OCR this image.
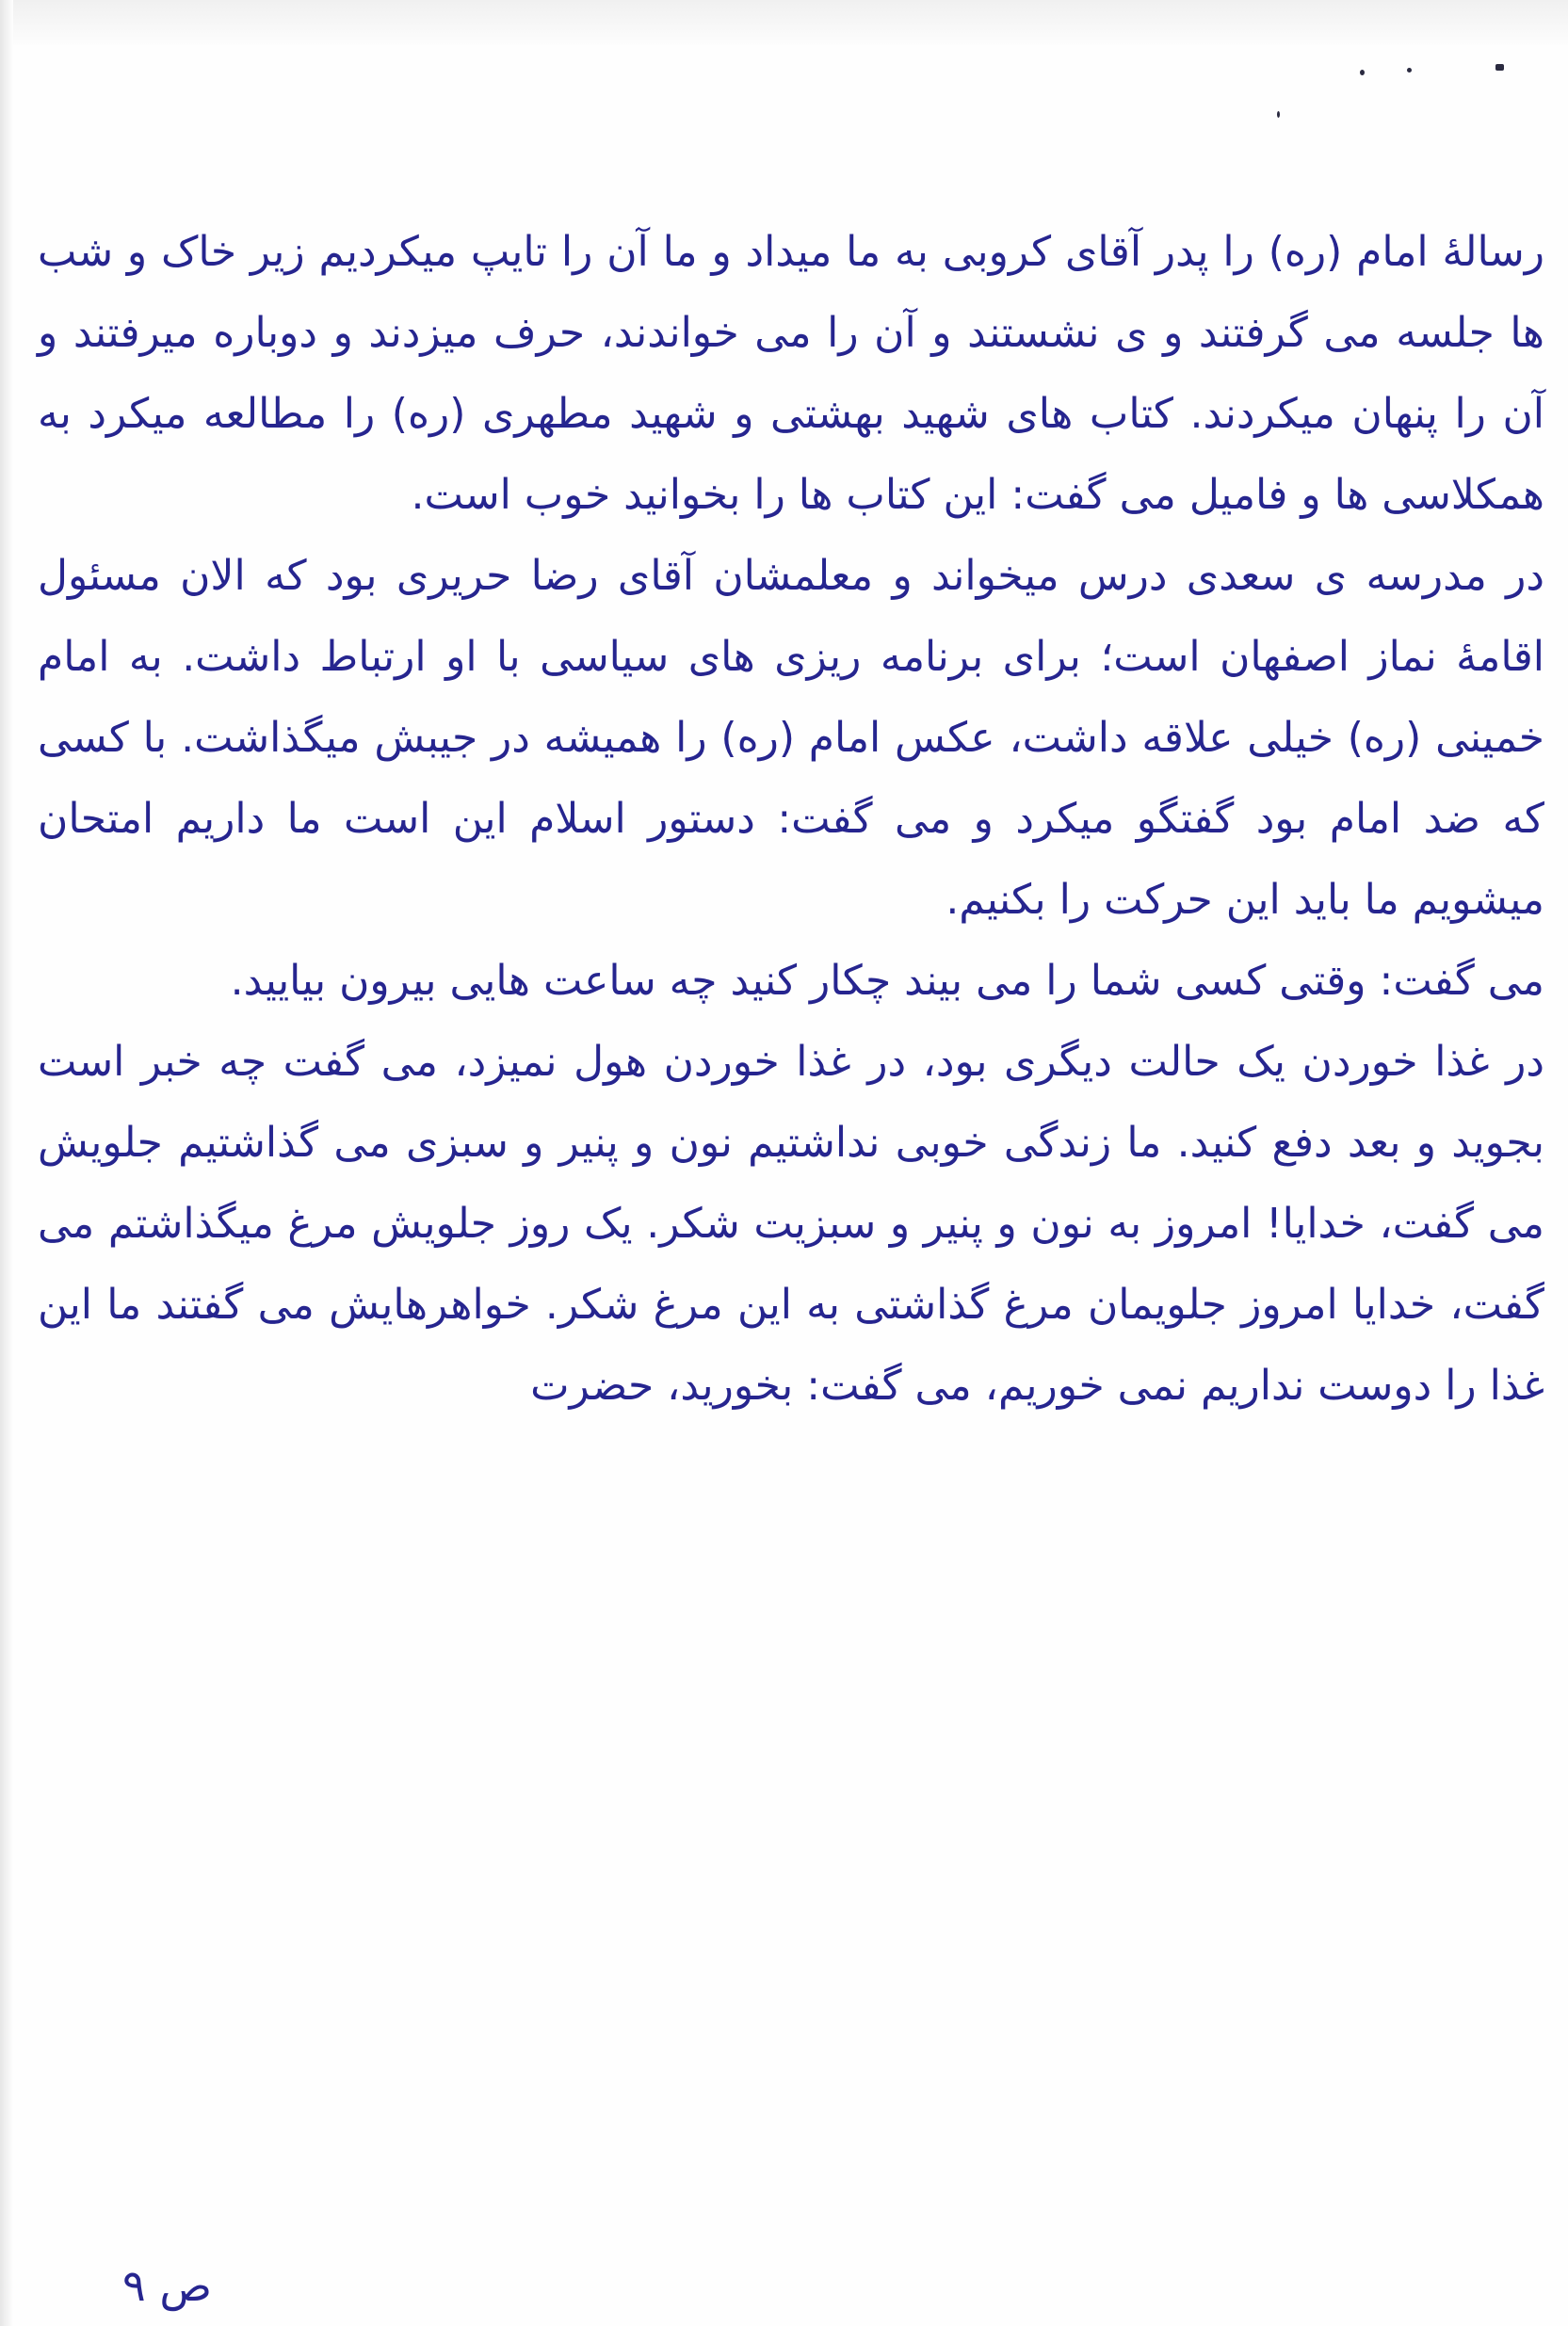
رسالهٔ امام (ره) را پدر آقای کروبی به ما میداد و ما آن را تایپ میکردیم زیر خاک و شب ها جلسه می گرفتند و ی نشستند و آن را می خواندند، حرف میزدند و دوباره میرفتند و آن را پنهان میکردند. کتاب های شهید بهشتی و شهید مطهری (ره) را مطالعه میکرد به همکلاسی ها و فامیل می گفت: این کتاب ها را بخوانید خوب است.

در مدرسه ی سعدی درس میخواند و معلمشان آقای رضا حریری بود که الان مسئول اقامهٔ نماز اصفهان است؛ برای برنامه ریزی های سیاسی با او ارتباط داشت. به امام خمینی (ره) خیلی علاقه داشت، عکس امام (ره) را همیشه در جیبش میگذاشت. با کسی که ضد امام بود گفتگو میکرد و می گفت: دستور اسلام این است ما داریم امتحان میشویم ما باید این حرکت را بکنیم.

می گفت: وقتی کسی شما را می بیند چکار کنید چه ساعت هایی بیرون بیایید.

در غذا خوردن یک حالت دیگری بود، در غذا خوردن هول نمیزد، می گفت چه خبر است بجوید و بعد دفع کنید. ما زندگی خوبی نداشتیم نون و پنیر و سبزی می گذاشتیم جلویش می گفت، خدایا! امروز به نون و پنیر و سبزیت شکر. یک روز جلویش مرغ میگذاشتم می گفت، خدایا امروز جلویمان مرغ گذاشتی به این مرغ شکر. خواهرهایش می گفتند ما این غذا را دوست نداریم نمی خوریم، می گفت: بخورید، حضرت

ص ۹
